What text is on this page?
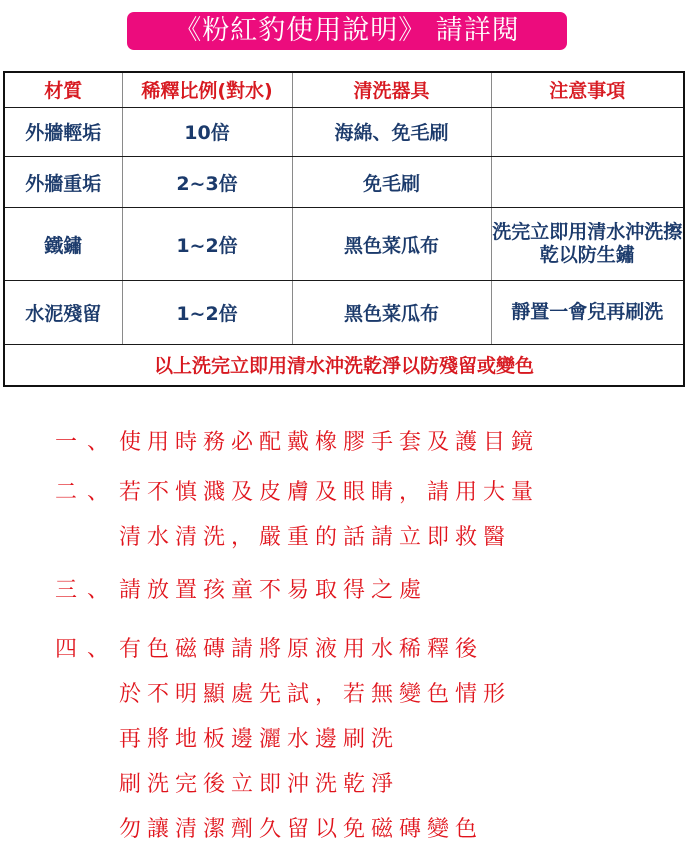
《粉紅豹使用說明》 請詳閱
材質	稀釋比例(對水)	清洗器具	注意事項
外牆輕垢	10倍	海綿、免毛刷	
外牆重垢	2~3倍	免毛刷	
鐵鏽	1~2倍	黑色菜瓜布	洗完立即用清水沖洗擦乾以防生鏽
水泥殘留	1~2倍	黑色菜瓜布	靜置一會兒再刷洗
以上洗完立即用清水沖洗乾淨以防殘留或變色			
一、 使用時務必配戴橡膠手套及護目鏡
二、 若不慎濺及皮膚及眼睛，請用大量
清水清洗，嚴重的話請立即救醫
三、 請放置孩童不易取得之處
四、 有色磁磚請將原液用水稀釋後
於不明顯處先試，若無變色情形
再將地板邊灑水邊刷洗
刷洗完後立即沖洗乾淨
勿讓清潔劑久留以免磁磚變色
